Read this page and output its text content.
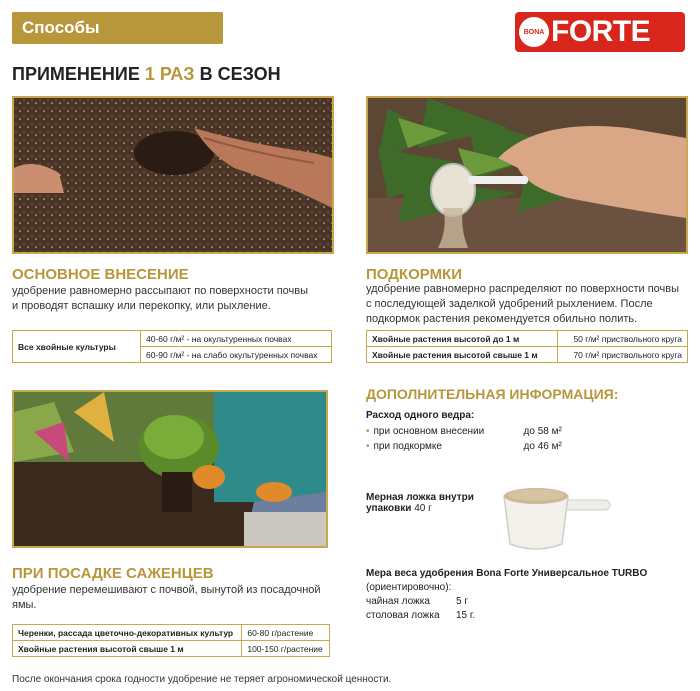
Способы использования
BONA FORTE
ПРИМЕНЕНИЕ 1 РАЗ В СЕЗОН
ОСНОВНОЕ ВНЕСЕНИЕ
удобрение равномерно рассыпают по поверхности почвы
и проводят вспашку или перекопку, или рыхление.
Все хвойные культуры	40-60 г/м² - на окультуренных почвах
60-90 г/м² - на слабо окультуренных почвах
ПОДКОРМКИ
удобрение равномерно распределяют по поверхности почвы
с последующей заделкой удобрений рыхлением. После
подкормок растения рекомендуется обильно полить.
Хвойные растения высотой до 1 м	50 г/м² приствольного круга
Хвойные растения высотой свыше 1 м	70 г/м² приствольного круга
ПРИ ПОСАДКЕ САЖЕНЦЕВ
удобрение перемешивают с почвой, вынутой из посадочной
ямы.
Черенки, рассада цветочно-декоративных культур	60-80 г/растение
Хвойные растения высотой свыше 1 м	100-150 г/растение
ДОПОЛНИТЕЛЬНАЯ ИНФОРМАЦИЯ:
Расход одного ведра:
• при основном внесении	до 58 м²
• при подкормке	до 46 м²
Мерная ложка внутри
упаковки 40 г
Мера веса удобрения Bona Forte Универсальное TURBO
(ориентировочно):
чайная ложка	5 г
столовая ложка	15 г.
После окончания срока годности удобрение не теряет агрономической ценности.
